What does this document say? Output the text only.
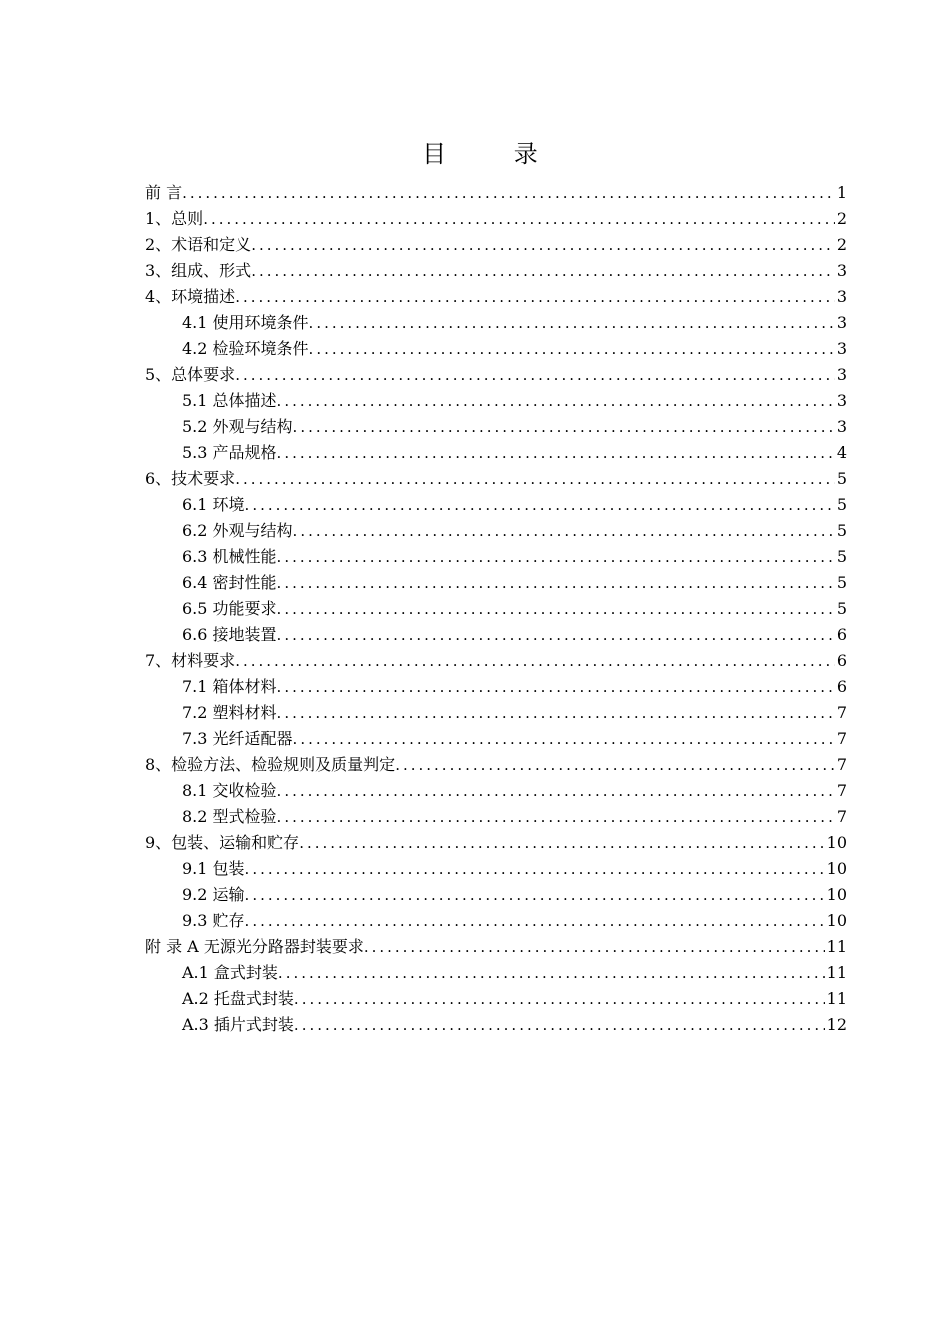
目 录
前 言 .....	1
1、总则 .....	2
2、术语和定义 .....	2
3、组成、形式 .....	3
4、环境描述 .....	3
4.1 使用环境条件 .....	3
4.2 检验环境条件 .....	3
5、总体要求 .....	3
5.1 总体描述 .....	3
5.2 外观与结构 .....	3
5.3 产品规格 .....	4
6、技术要求 .....	5
6.1 环境 .....	5
6.2 外观与结构 .....	5
6.3 机械性能 .....	5
6.4 密封性能 .....	5
6.5 功能要求 .....	5
6.6 接地装置 .....	6
7、材料要求 .....	6
7.1 箱体材料 .....	6
7.2 塑料材料 .....	7
7.3 光纤适配器 .....	7
8、检验方法、检验规则及质量判定 .....	7
8.1 交收检验 .....	7
8.2 型式检验 .....	7
9、包装、运输和贮存 .....	10
9.1 包装 .....	10
9.2 运输 .....	10
9.3 贮存 .....	10
附 录 A 无源光分路器封装要求 .....	11
A.1 盒式封装 .....	11
A.2 托盘式封装 .....	11
A.3 插片式封装 .....	12
